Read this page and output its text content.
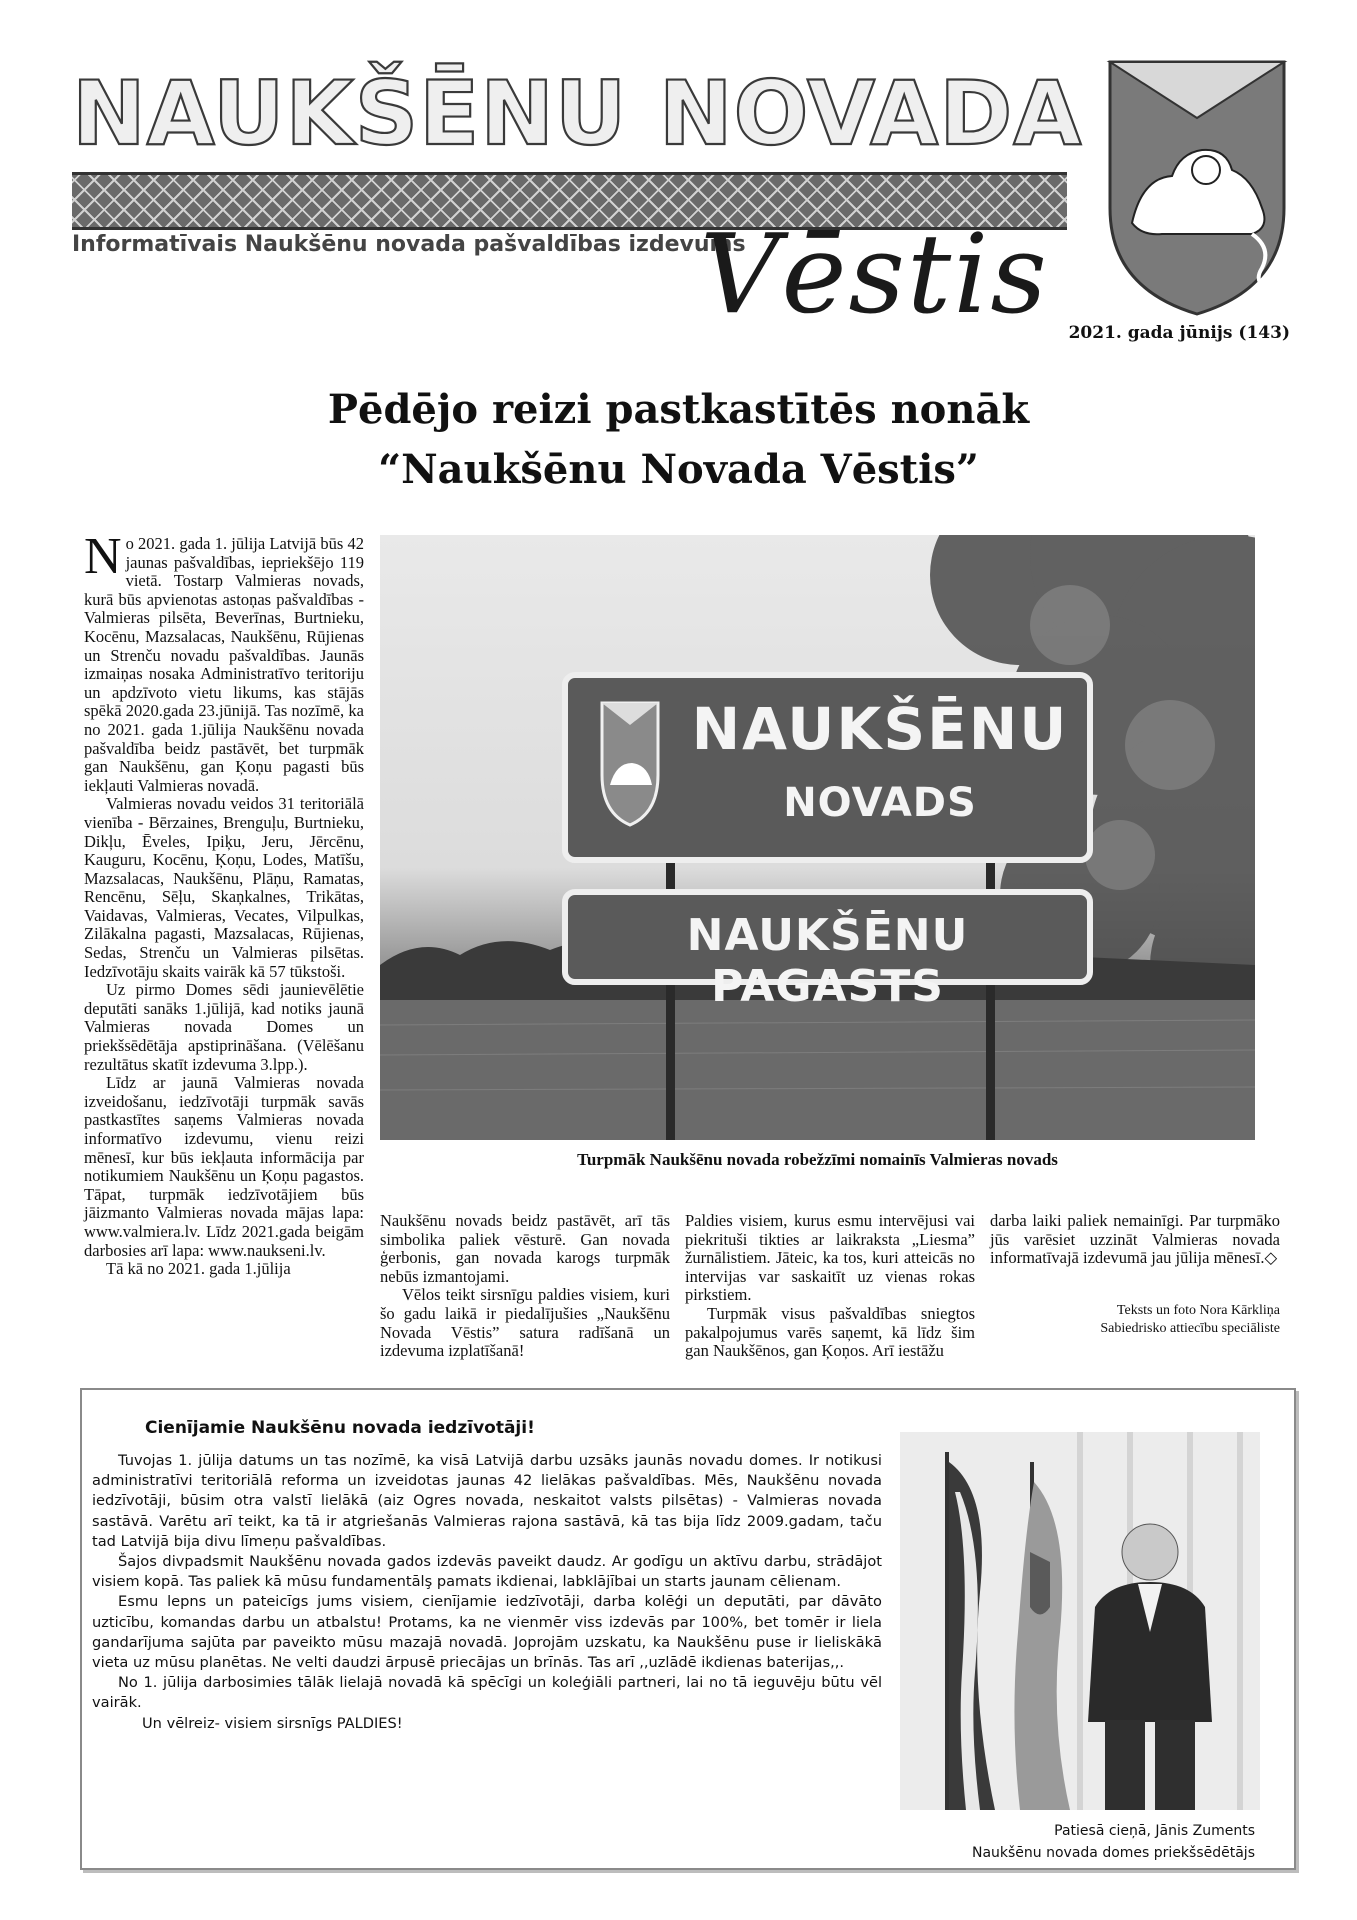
NAUKŠĒNU NOVADA
Informatīvais Naukšēnu novada pašvaldības izdevums
Vēstis	2021. gada jūnijs (143)
Pēdējo reizi pastkastītēs nonāk
“Naukšēnu Novada Vēstis”

No 2021. gada 1. jūlija Latvijā būs 42 jaunas pašvaldības, iepriekšējo 119 vietā. Tostarp Valmieras novads, kurā būs apvienotas astoņas pašvaldības - Valmieras pilsēta, Beverīnas, Burtnieku, Kocēnu, Mazsalacas, Naukšēnu, Rūjienas un Strenču novadu pašvaldības. Jaunās izmaiņas nosaka Administratīvo teritoriju un apdzīvoto vietu likums, kas stājās spēkā 2020.gada 23.jūnijā. Tas nozīmē, ka no 2021. gada 1.jūlija Naukšēnu novada pašvaldība beidz pastāvēt, bet turpmāk gan Naukšēnu, gan Ķoņu pagasti būs iekļauti Valmieras novadā.

Valmieras novadu veidos 31 teritoriālā vienība - Bērzaines, Brenguļu, Burtnieku, Dikļu, Ēveles, Ipiķu, Jeru, Jērcēnu, Kauguru, Kocēnu, Ķoņu, Lodes, Matīšu, Mazsalacas, Naukšēnu, Plāņu, Ramatas, Rencēnu, Sēļu, Skaņkalnes, Trikātas, Vaidavas, Valmieras, Vecates, Vilpulkas, Zilākalna pagasti, Mazsalacas, Rūjienas, Sedas, Strenču un Valmieras pilsētas. Iedzīvotāju skaits vairāk kā 57 tūkstoši.

Uz pirmo Domes sēdi jaunievēlētie deputāti sanāks 1.jūlijā, kad notiks jaunā Valmieras novada Domes un priekšsēdētāja apstiprināšana. (Vēlēšanu rezultātus skatīt izdevuma 3.lpp.).

Līdz ar jaunā Valmieras novada izveidošanu, iedzīvotāji turpmāk savās pastkastītes saņems Valmieras novada informatīvo izdevumu, vienu reizi mēnesī, kur būs iekļauta informācija par notikumiem Naukšēnu un Ķoņu pagastos. Tāpat, turpmāk iedzīvotājiem būs jāizmanto Valmieras novada mājas lapa: www.valmiera.lv. Līdz 2021.gada beigām darbosies arī lapa: www.naukseni.lv.

Tā kā no 2021. gada 1.jūlija

NAUKŠĒNU
NOVADS
NAUKŠĒNU PAGASTS
Turpmāk Naukšēnu novada robežzīmi nomainīs Valmieras novads

Naukšēnu novads beidz pastāvēt, arī tās simbolika paliek vēsturē. Gan novada ģerbonis, gan novada karogs turpmāk nebūs izmantojami.

Vēlos teikt sirsnīgu paldies visiem, kuri šo gadu laikā ir piedalījušies „Naukšēnu Novada Vēstis” satura radīšanā un izdevuma izplatīšanā!

Paldies visiem, kurus esmu intervējusi vai piekrituši tikties ar laikraksta „Liesma” žurnālistiem. Jāteic, ka tos, kuri atteicās no intervijas var saskaitīt uz vienas rokas pirkstiem.

Turpmāk visus pašvaldības sniegtos pakalpojumus varēs saņemt, kā līdz šim gan Naukšēnos, gan Ķoņos. Arī iestāžu

darba laiki paliek nemainīgi. Par turpmāko jūs varēsiet uzzināt Valmieras novada informatīvajā izdevumā jau jūlija mēnesī.◇

Teksts un foto Nora Kārkliņa
Sabiedrisko attiecību speciāliste
Cienījamie Naukšēnu novada iedzīvotāji!

Tuvojas 1. jūlija datums un tas nozīmē, ka visā Latvijā darbu uzsāks jaunās novadu domes. Ir notikusi administratīvi teritoriālā reforma un izveidotas jaunas 42 lielākas pašvaldības. Mēs, Naukšēnu novada iedzīvotāji, būsim otra valstī lielākā (aiz Ogres novada, neskaitot valsts pilsētas) - Valmieras novada sastāvā. Varētu arī teikt, ka tā ir atgriešanās Valmieras rajona sastāvā, kā tas bija līdz 2009.gadam, taču tad Latvijā bija divu līmeņu pašvaldības.

Šajos divpadsmit Naukšēnu novada gados izdevās paveikt daudz. Ar godīgu un aktīvu darbu, strādājot visiem kopā. Tas paliek kā mūsu fundamentālş pamats ikdienai, labklājībai un starts jaunam cēlienam.

Esmu lepns un pateicīgs jums visiem, cienījamie iedzīvotāji, darba kolēģi un deputāti, par dāvāto uzticību, komandas darbu un atbalstu! Protams, ka ne vienmēr viss izdevās par 100%, bet tomēr ir liela gandarījuma sajūta par paveikto mūsu mazajā novadā. Joprojām uzskatu, ka Naukšēnu puse ir lieliskākā vieta uz mūsu planētas. Ne velti daudzi ārpusē priecājas un brīnās. Tas arī ,,uzlādē ikdienas baterijas,,.

No 1. jūlija darbosimies tālāk lielajā novadā kā spēcīgi un koleģiāli partneri, lai no tā ieguvēju būtu vēl vairāk.

Un vēlreiz- visiem sirsnīgs PALDIES!

Patiesā cieņā, Jānis Zuments
Naukšēnu novada domes priekšsēdētājs
